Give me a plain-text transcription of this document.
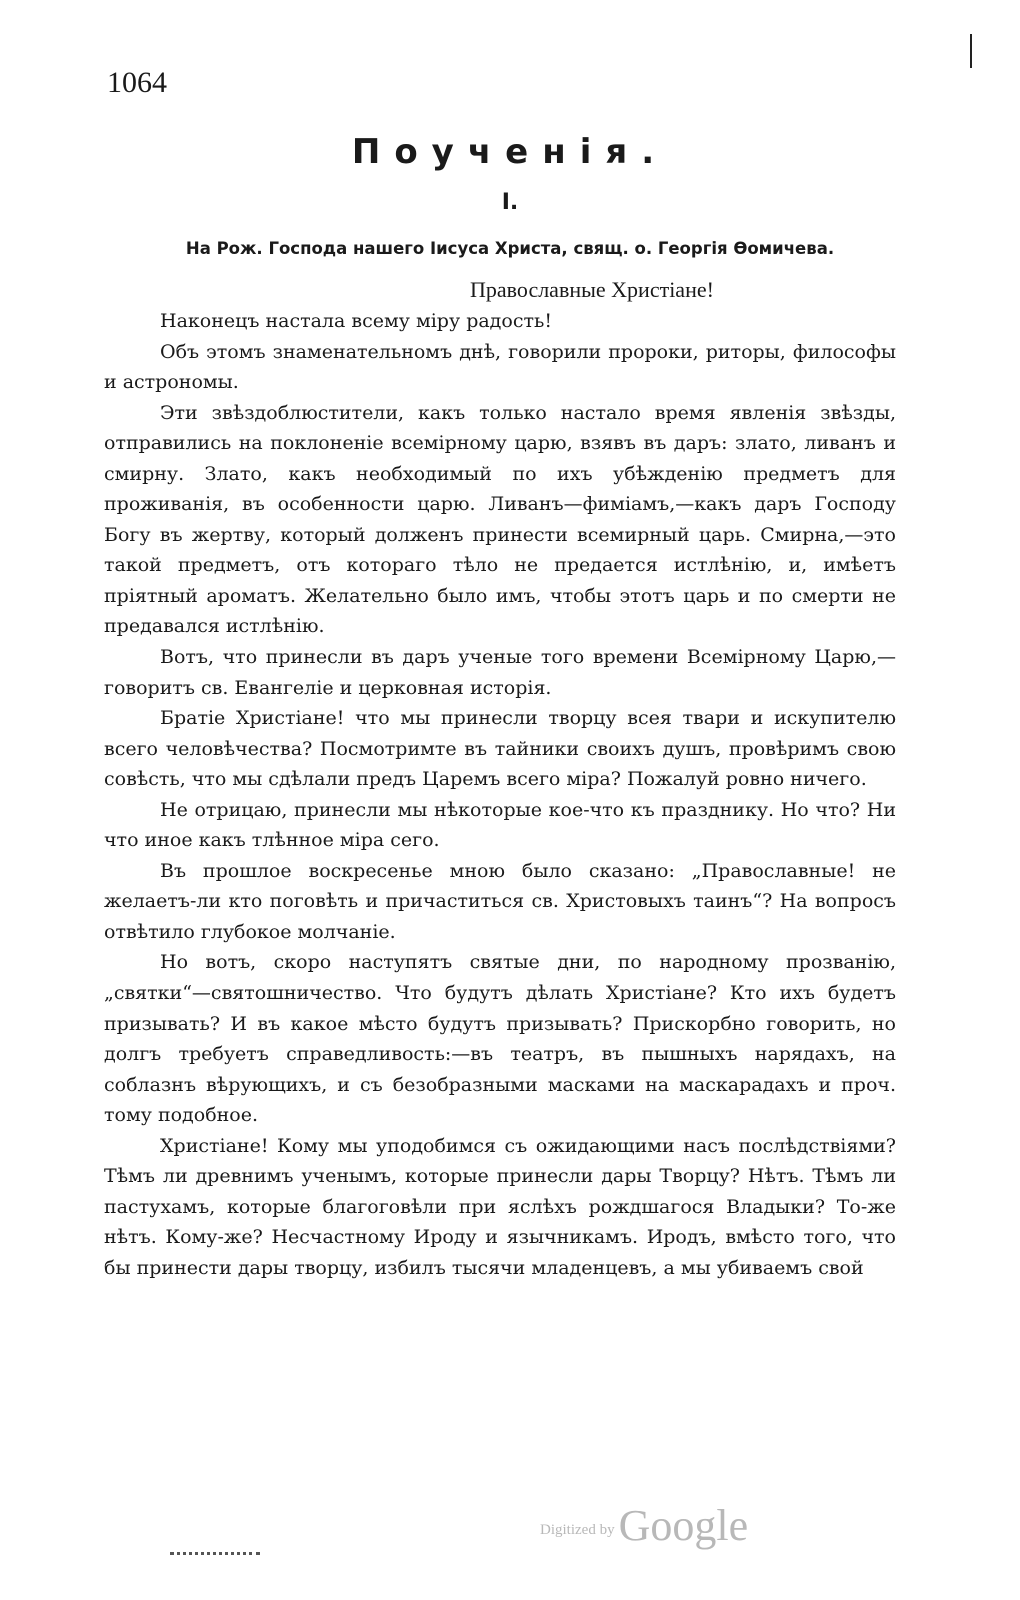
1064
Поученія.
I.
На Рож. Господа нашего Іисуса Христа, свящ. о. Георгія Ѳомичева.
Православные Христіане!

Наконецъ настала всему міру радость!

Объ этомъ знаменательномъ днѣ, говорили пророки, риторы, философы и астрономы.

Эти звѣздоблюстители, какъ только настало время явленія звѣзды, отправились на поклоненіе всемірному царю, взявъ въ даръ: злато, ливанъ и смирну. Злато, какъ необходимый по ихъ убѣжденію предметъ для проживанія, въ особенности царю. Ливанъ—фиміамъ,—какъ даръ Господу Богу въ жертву, который долженъ принести всемирный царь. Смирна,—это такой предметъ, отъ котораго тѣло не предается истлѣнію, и, имѣетъ пріятный ароматъ. Желательно было имъ, чтобы этотъ царь и по смерти не предавался истлѣнію.

Вотъ, что принесли въ даръ ученые того времени Всемірному Царю,—говоритъ св. Евангеліе и церковная исторія.

Братіе Христіане! что мы принесли творцу всея твари и искупителю всего человѣчества? Посмотримте въ тайники своихъ душъ, провѣримъ свою совѣсть, что мы сдѣлали предъ Царемъ всего міра? Пожалуй ровно ничего.

Не отрицаю, принесли мы нѣкоторые кое-что къ празднику. Но что? Ни что иное какъ тлѣнное міра сего.

Въ прошлое воскресенье мною было сказано: „Православные! не желаетъ-ли кто поговѣть и причаститься св. Христовыхъ таинъ“? На вопросъ отвѣтило глубокое молчаніе.

Но вотъ, скоро наступятъ святые дни, по народному прозванію, „святки“—святошничество. Что будутъ дѣлать Христіане? Кто ихъ будетъ призывать? И въ какое мѣсто будутъ призывать? Прискорбно говорить, но долгъ требуетъ справедливость:—въ театръ, въ пышныхъ нарядахъ, на соблазнъ вѣрующихъ, и съ безобразными масками на маскарадахъ и проч. тому подобное.

Христіане! Кому мы уподобимся съ ожидающими насъ послѣдствіями? Тѣмъ ли древнимъ ученымъ, которые принесли дары Творцу? Нѣтъ. Тѣмъ ли пастухамъ, которые благоговѣли при яслѣхъ рождшагося Владыки? То-же нѣтъ. Кому-же? Несчастному Ироду и язычникамъ. Иродъ, вмѣсто того, что бы принести дары творцу, избилъ тысячи младенцевъ, а мы убиваемъ свой

Digitized by Google
